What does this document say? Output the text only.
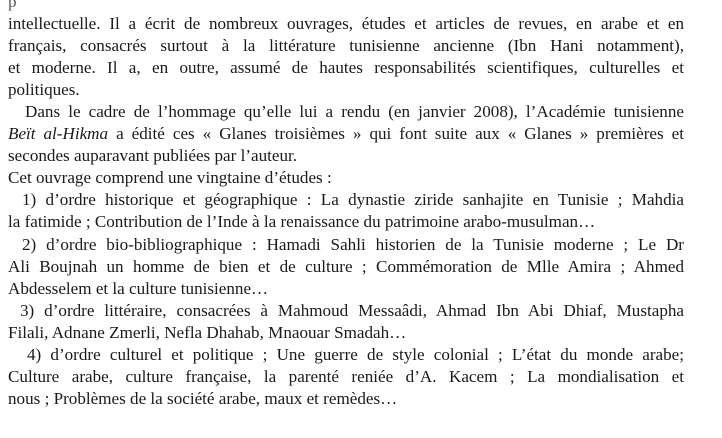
p
intellectuelle. Il a écrit de nombreux ouvrages, études et articles de revues, en arabe et en
français, consacrés surtout à la littérature tunisienne ancienne (Ibn Hani notamment),
et moderne. Il a, en outre, assumé de hautes responsabilités scientifiques, culturelles et
politiques.
Dans le cadre de l’hommage qu’elle lui a rendu (en janvier 2008), l’Académie tunisienne
Beït al-Hikma a édité ces « Glanes troisièmes » qui font suite aux « Glanes » premières et
secondes auparavant publiées par l’auteur.
Cet ouvrage comprend une vingtaine d’études :
1) d’ordre historique et géographique : La dynastie ziride sanhajite en Tunisie ; Mahdia
la fatimide ; Contribution de l’Inde à la renaissance du patrimoine arabo-musulman…
2) d’ordre bio-bibliographique : Hamadi Sahli historien de la Tunisie moderne ; Le Dr
Ali Boujnah un homme de bien et de culture ; Commémoration de Mlle Amira ; Ahmed
Abdesselem et la culture tunisienne…
3) d’ordre littéraire, consacrées à Mahmoud Messaâdi, Ahmad Ibn Abi Dhiaf, Mustapha
Filali, Adnane Zmerli, Nefla Dhahab, Mnaouar Smadah…
4) d’ordre culturel et politique ; Une guerre de style colonial ; L’état du monde arabe;
Culture arabe, culture française, la parenté reniée d’A. Kacem ; La mondialisation et
nous ; Problèmes de la société arabe, maux et remèdes…
